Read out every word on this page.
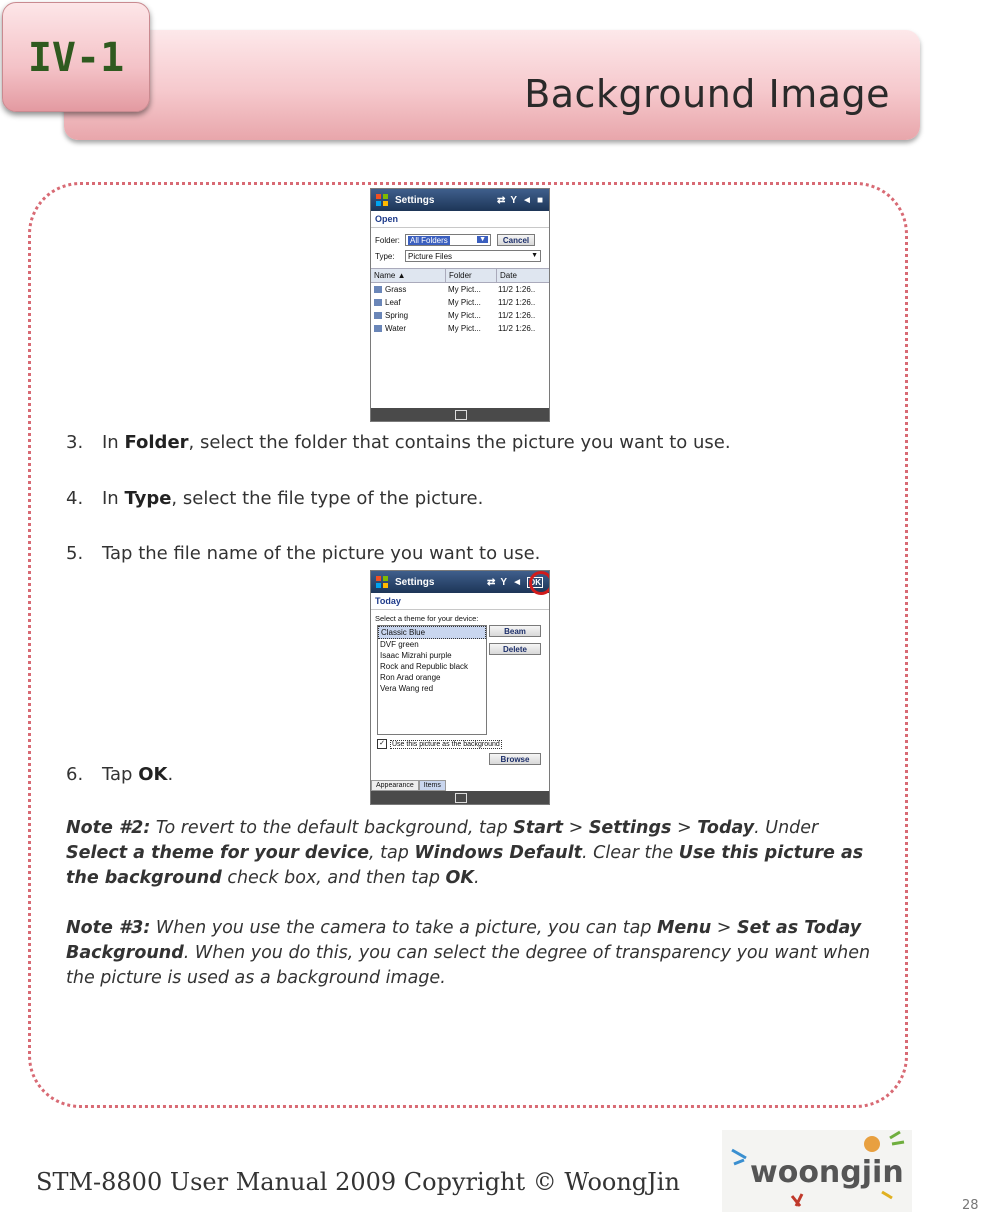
Background Image
IV-1
Settings	⇄ Y ◄ ■
Open
Folder:	All Folders	▼	Cancel
Type:	Picture Files	▼
Name ▲	Folder	Date
Grass	My Pict...	11/2 1:26..
Leaf	My Pict...	11/2 1:26..
Spring	My Pict...	11/2 1:26..
Water	My Pict...	11/2 1:26..
3. In Folder, select the folder that contains the picture you want to use.
4. In Type, select the file type of the picture.
5. Tap the file name of the picture you want to use.
Settings	⇄ Y ◄ OK
Today
Select a theme for your device:
Classic Blue
DVF green
Isaac Mizrahi purple
Rock and Republic black
Ron Arad orange
Vera Wang red
Beam
Delete
✓ Use this picture as the background
Browse
Appearance	Items
6. Tap OK.
Note #2: To revert to the default background, tap Start > Settings > Today. Under Select a theme for your device, tap Windows Default. Clear the Use this picture as the background check box, and then tap OK.
Note #3: When you use the camera to take a picture, you can tap Menu > Set as Today Background. When you do this, you can select the degree of transparency you want when the picture is used as a background image.
STM-8800 User Manual 2009 Copyright © WoongJin woongjin
28
